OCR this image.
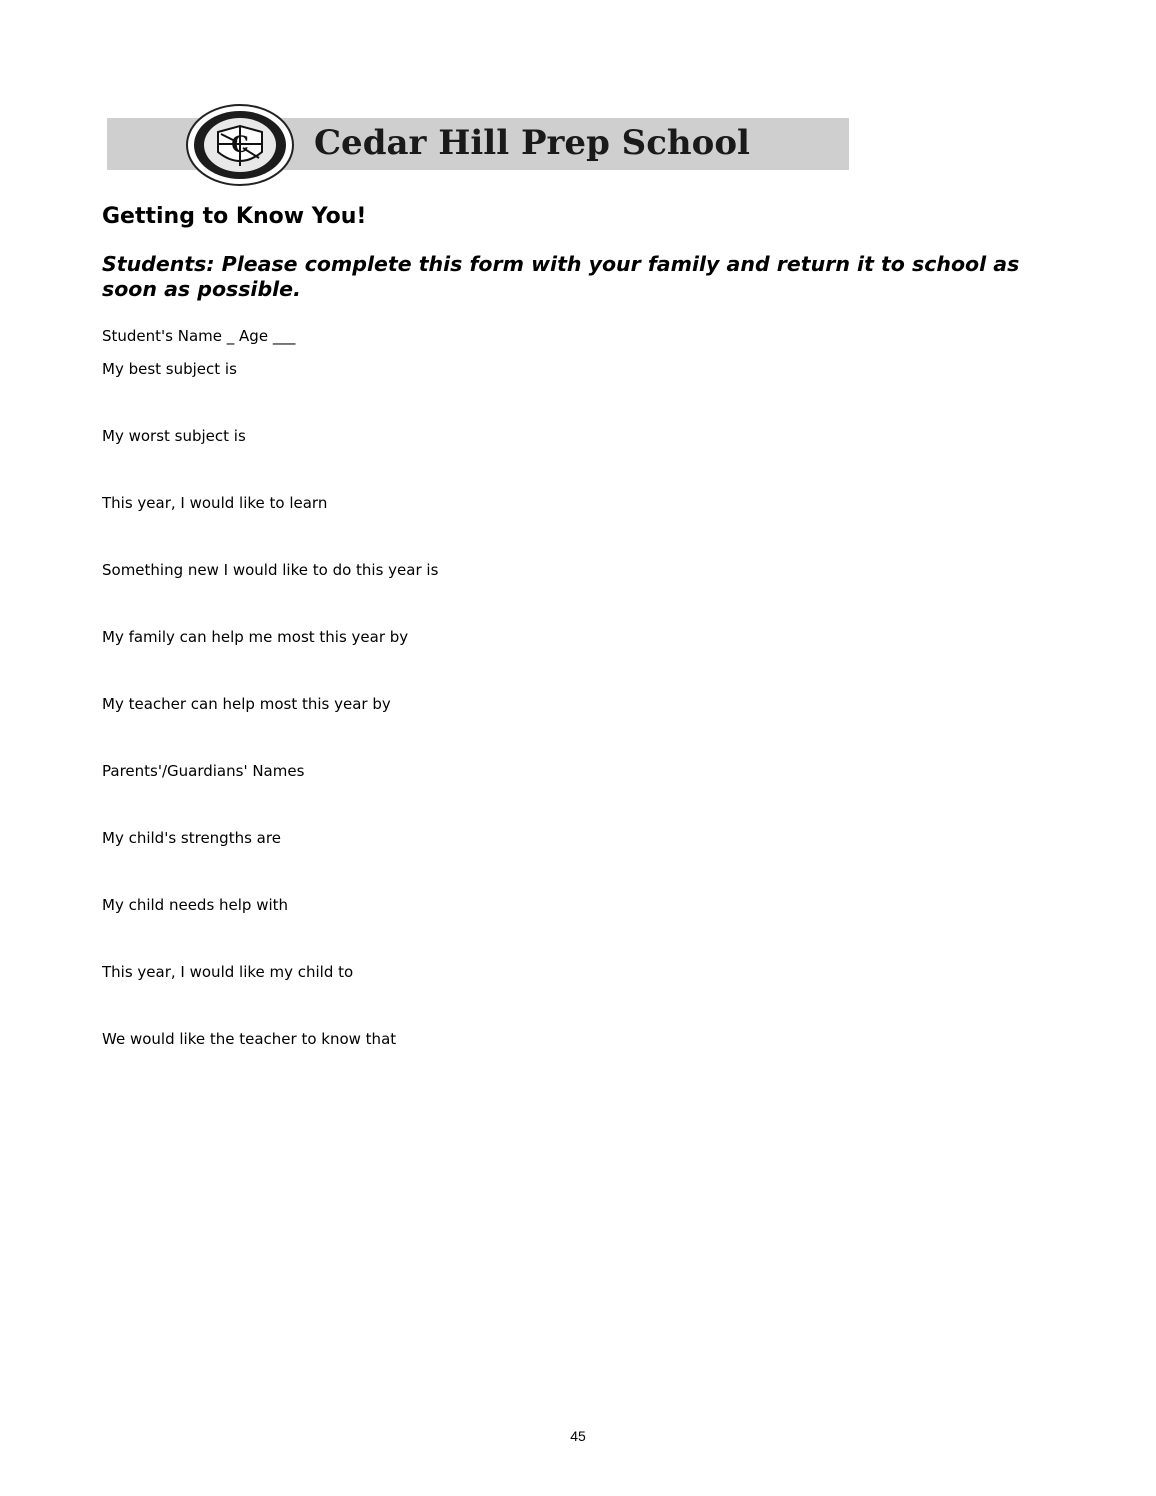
C Cedar Hill Prep School
Getting to Know You!

Students: Please complete this form with your family and return it to school as soon as possible.

Student's Name _ Age ___
My best subject is
My worst subject is
This year, I would like to learn
Something new I would like to do this year is
My family can help me most this year by
My teacher can help most this year by
Parents'/Guardians' Names
My child's strengths are
My child needs help with
This year, I would like my child to
We would like the teacher to know that
45
